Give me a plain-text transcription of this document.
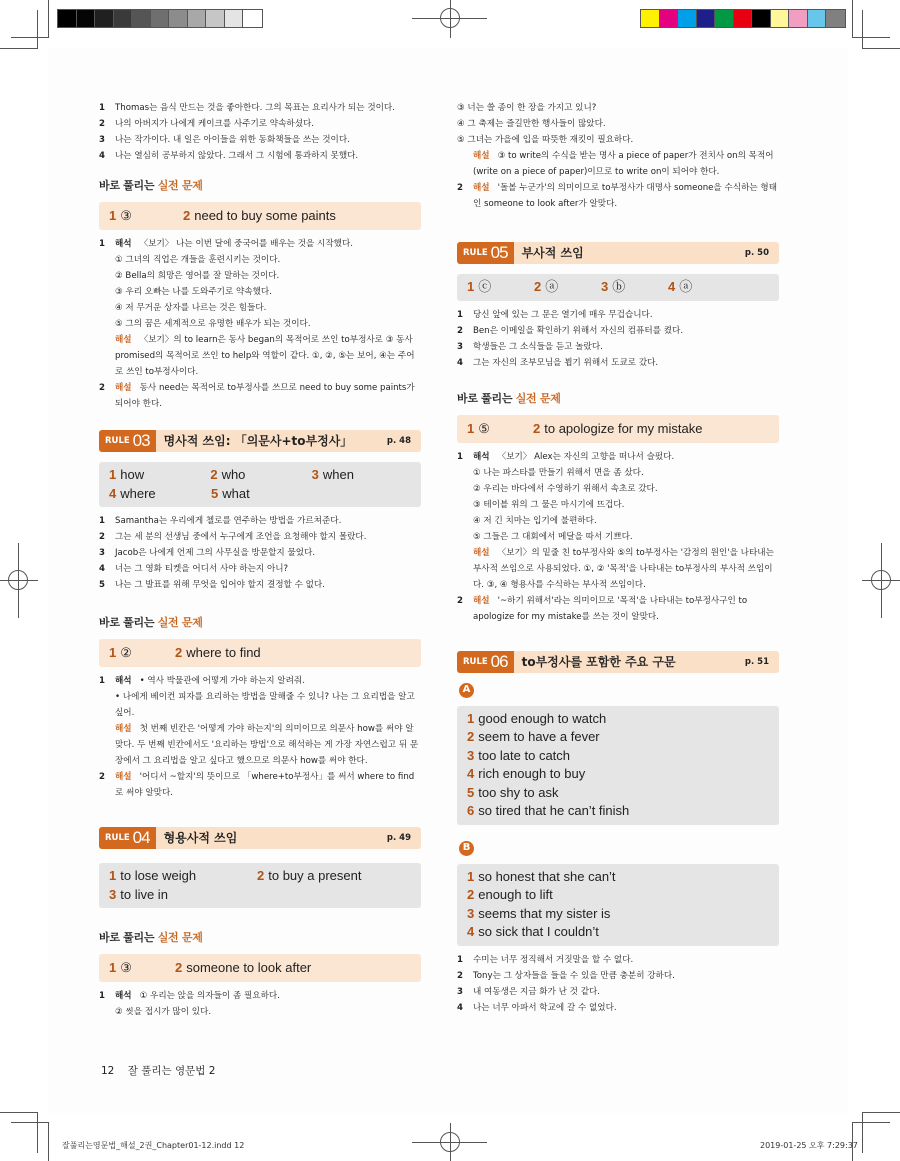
1	Thomas는 음식 만드는 것을 좋아한다. 그의 목표는 요리사가 되는 것이다.
2	나의 아버지가 나에게 케이크를 사주기로 약속하셨다.
3	나는 작가이다. 내 일은 아이들을 위한 동화책들을 쓰는 것이다.
4	나는 열심히 공부하지 않았다. 그래서 그 시험에 통과하지 못했다.
바로 풀리는 실전 문제
1 ③	2 need to buy some paints
1	해석 〈보기〉 나는 이번 달에 중국어를 배우는 것을 시작했다.
① 그녀의 직업은 개들을 훈련시키는 것이다.
② Bella의 희망은 영어를 잘 말하는 것이다.
③ 우리 오빠는 나를 도와주기로 약속했다.
④ 저 무거운 상자를 나르는 것은 힘들다.
⑤ 그의 꿈은 세계적으로 유명한 배우가 되는 것이다.
해설 〈보기〉의 to learn은 동사 began의 목적어로 쓰인 to부정사로 ③ 동사 promised의 목적어로 쓰인 to help와 역할이 같다. ①, ②, ⑤는 보어, ④는 주어로 쓰인 to부정사이다.
2	해설 동사 need는 목적어로 to부정사를 쓰므로 need to buy some paints가 되어야 한다.
RULE 03 명사적 쓰임: 「의문사+to부정사」	p. 48
1 how	2 who	3 when
4 where	5 what
1	Samantha는 우리에게 첼로를 연주하는 방법을 가르쳐준다.
2	그는 세 분의 선생님 중에서 누구에게 조언을 요청해야 할지 몰랐다.
3	Jacob은 나에게 언제 그의 사무실을 방문할지 물었다.
4	너는 그 영화 티켓을 어디서 사야 하는지 아니?
5	나는 그 발표를 위해 무엇을 입어야 할지 결정할 수 없다.
바로 풀리는 실전 문제
1 ②	2 where to find
1	해석 • 역사 박물관에 어떻게 가야 하는지 알려줘.
• 나에게 베이컨 피자를 요리하는 방법을 말해줄 수 있니? 나는 그 요리법을 알고 싶어.
해설 첫 번째 빈칸은 '어떻게 가야 하는지'의 의미이므로 의문사 how를 써야 알맞다. 두 번째 빈칸에서도 '요리하는 방법'으로 해석하는 게 가장 자연스럽고 뒤 문장에서 그 요리법을 알고 싶다고 했으므로 의문사 how를 써야 한다.
2	해설 '어디서 ~할지'의 뜻이므로 「where+to부정사」를 써서 where to find로 써야 알맞다.
RULE 04 형용사적 쓰임	p. 49
1 to lose weigh	2 to buy a present
3 to live in
바로 풀리는 실전 문제
1 ③	2 someone to look after
1	해석 ① 우리는 앉을 의자들이 좀 필요하다.
② 씻을 접시가 많이 있다.
12 잘 풀리는 영문법 2
③ 너는 쓸 종이 한 장을 가지고 있니?
④ 그 축제는 즐길만한 행사들이 많았다.
⑤ 그녀는 가을에 입을 따뜻한 재킷이 필요하다.
해설 ③ to write의 수식을 받는 명사 a piece of paper가 전치사 on의 목적어(write on a piece of paper)이므로 to write on이 되어야 한다.
2	해설 '돌볼 누군가'의 의미이므로 to부정사가 대명사 someone을 수식하는 형태인 someone to look after가 알맞다.
RULE 05 부사적 쓰임	p. 50
1 ⓒ	2 ⓐ	3 ⓑ	4 ⓐ
1	당신 앞에 있는 그 문은 열기에 매우 무겁습니다.
2	Ben은 이메일을 확인하기 위해서 자신의 컴퓨터를 켰다.
3	학생들은 그 소식들을 듣고 놀랐다.
4	그는 자신의 조부모님을 뵙기 위해서 도쿄로 갔다.
바로 풀리는 실전 문제
1 ⑤	2 to apologize for my mistake
1	해석 〈보기〉 Alex는 자신의 고향을 떠나서 슬펐다.
① 나는 파스타를 만들기 위해서 면을 좀 샀다.
② 우리는 바다에서 수영하기 위해서 속초로 갔다.
③ 테이블 위의 그 물은 마시기에 뜨겁다.
④ 저 긴 치마는 입기에 불편하다.
⑤ 그들은 그 대회에서 메달을 따서 기쁘다.
해설 〈보기〉의 밑줄 친 to부정사와 ⑤의 to부정사는 '감정의 원인'을 나타내는 부사적 쓰임으로 사용되었다. ①, ② '목적'을 나타내는 to부정사의 부사적 쓰임이다. ③, ④ 형용사를 수식하는 부사적 쓰임이다.
2	해설 '~하기 위해서'라는 의미이므로 '목적'을 나타내는 to부정사구인 to apologize for my mistake를 쓰는 것이 알맞다.
RULE 06 to부정사를 포함한 주요 구문	p. 51
A
1 good enough to watch
2 seem to have a fever
3 too late to catch
4 rich enough to buy
5 too shy to ask
6 so tired that he can’t finish
B
1 so honest that she can’t
2 enough to lift
3 seems that my sister is
4 so sick that I couldn’t
1	수미는 너무 정직해서 거짓말을 할 수 없다.
2	Tony는 그 상자들을 들을 수 있을 만큼 충분히 강하다.
3	내 여동생은 지금 화가 난 것 같다.
4	나는 너무 아파서 학교에 갈 수 없었다.
잘풀리는영문법_해설_2권_Chapter01-12.indd 12	2019-01-25 오후 7:29:37
